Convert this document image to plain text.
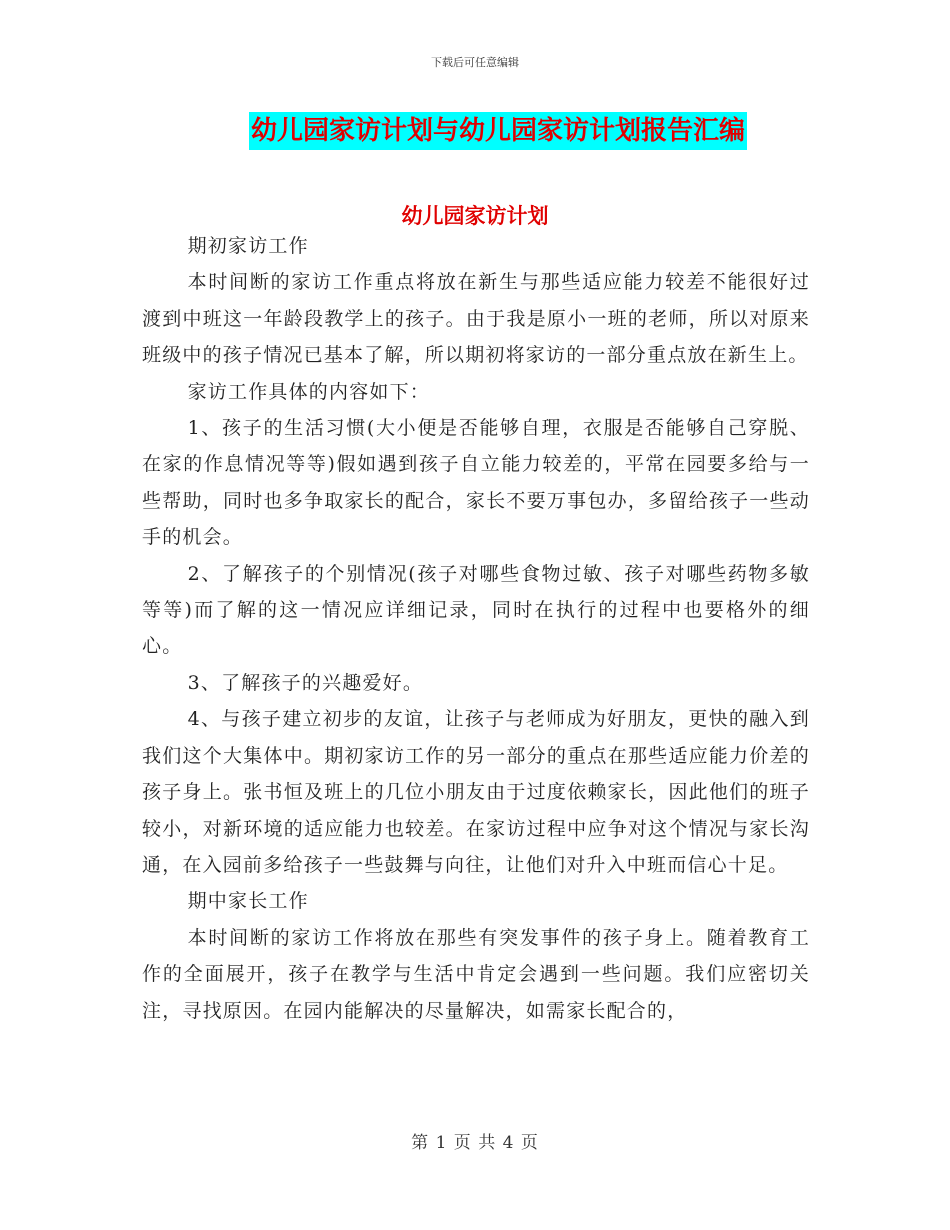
下载后可任意编辑
幼儿园家访计划与幼儿园家访计划报告汇编
幼儿园家访计划

期初家访工作

本时间断的家访工作重点将放在新生与那些适应能力较差不能很好过渡到中班这一年龄段教学上的孩子。由于我是原小一班的老师，所以对原来班级中的孩子情况已基本了解，所以期初将家访的一部分重点放在新生上。

家访工作具体的内容如下：

1、孩子的生活习惯(大小便是否能够自理，衣服是否能够自己穿脱、在家的作息情况等等)假如遇到孩子自立能力较差的，平常在园要多给与一些帮助，同时也多争取家长的配合，家长不要万事包办，多留给孩子一些动手的机会。

2、了解孩子的个别情况(孩子对哪些食物过敏、孩子对哪些药物多敏等等)而了解的这一情况应详细记录，同时在执行的过程中也要格外的细心。

3、了解孩子的兴趣爱好。

4、与孩子建立初步的友谊，让孩子与老师成为好朋友，更快的融入到我们这个大集体中。期初家访工作的另一部分的重点在那些适应能力价差的孩子身上。张书恒及班上的几位小朋友由于过度依赖家长，因此他们的班子较小，对新环境的适应能力也较差。在家访过程中应争对这个情况与家长沟通，在入园前多给孩子一些鼓舞与向往，让他们对升入中班而信心十足。

期中家长工作

本时间断的家访工作将放在那些有突发事件的孩子身上。随着教育工作的全面展开，孩子在教学与生活中肯定会遇到一些问题。我们应密切关注，寻找原因。在园内能解决的尽量解决，如需家长配合的，

第 1 页 共 4 页
